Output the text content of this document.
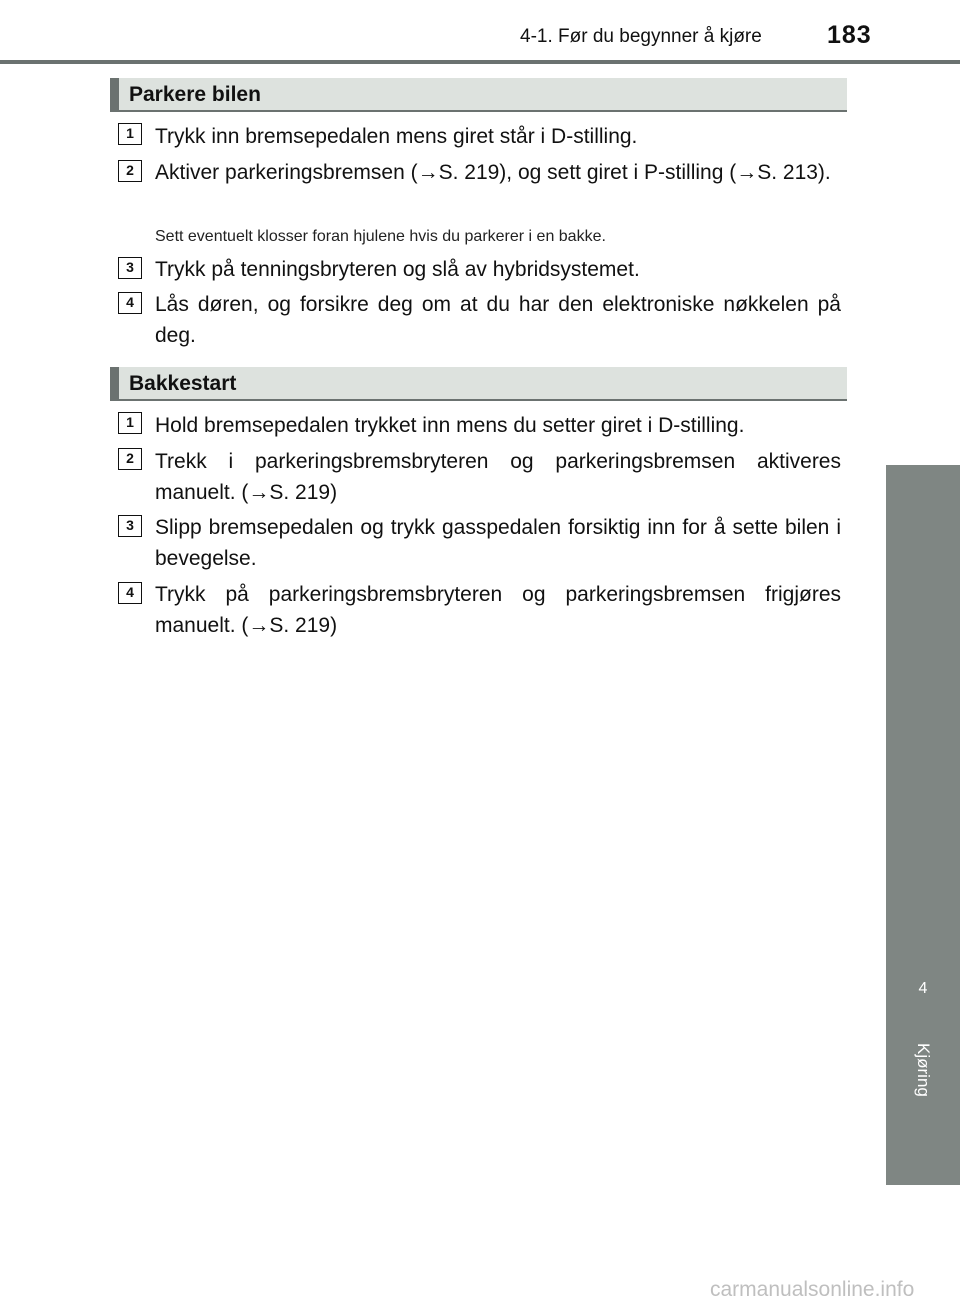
4-1. Før du begynner å kjøre	183
4
Kjøring
Parkere bilen
1	Trykk inn bremsepedalen mens giret står i D-stilling.
2	Aktiver parkeringsbremsen (→S. 219), og sett giret i P-stilling (→S. 213).
Sett eventuelt klosser foran hjulene hvis du parkerer i en bakke.
3	Trykk på tenningsbryteren og slå av hybridsystemet.
4	Lås døren, og forsikre deg om at du har den elektroniske nøkkelen på deg.
Bakkestart
1	Hold bremsepedalen trykket inn mens du setter giret i D-stilling.
2	Trekk i parkeringsbremsbryteren og parkeringsbremsen aktiveres manuelt. (→S. 219)
3	Slipp bremsepedalen og trykk gasspedalen forsiktig inn for å sette bilen i bevegelse.
4	Trykk på parkeringsbremsbryteren og parkeringsbremsen frigjøres manuelt. (→S. 219)
carmanualsonline.info
